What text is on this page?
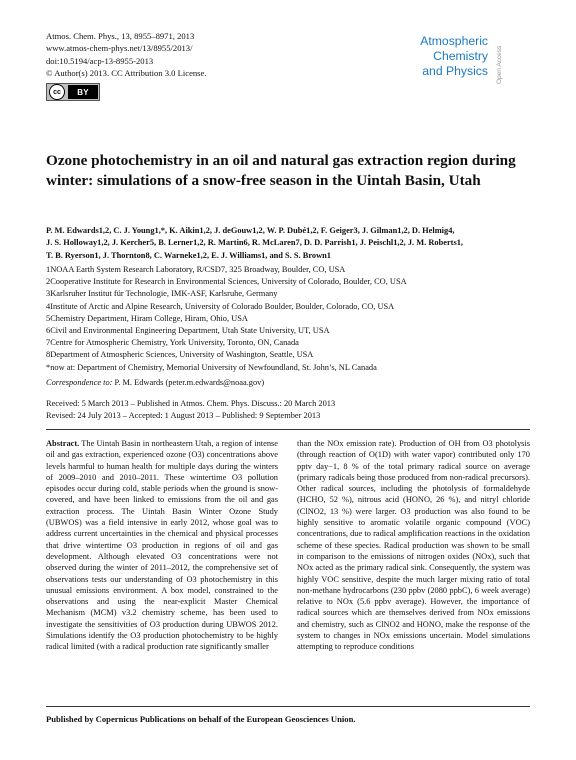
Atmos. Chem. Phys., 13, 8955–8971, 2013
www.atmos-chem-phys.net/13/8955/2013/
doi:10.5194/acp-13-8955-2013
© Author(s) 2013. CC Attribution 3.0 License.
cc	BY
Atmospheric
Chemistry
and Physics Open Access
Ozone photochemistry in an oil and natural gas extraction region during winter: simulations of a snow-free season in the Uintah Basin, Utah
P. M. Edwards1,2, C. J. Young1,*, K. Aikin1,2, J. deGouw1,2, W. P. Dubé1,2, F. Geiger3, J. Gilman1,2, D. Helmig4,
J. S. Holloway1,2, J. Kercher5, B. Lerner1,2, R. Martin6, R. McLaren7, D. D. Parrish1, J. Peischl1,2, J. M. Roberts1,
T. B. Ryerson1, J. Thornton8, C. Warneke1,2, E. J. Williams1, and S. S. Brown1
1NOAA Earth System Research Laboratory, R/CSD7, 325 Broadway, Boulder, CO, USA
2Cooperative Institute for Research in Environmental Sciences, University of Colorado, Boulder, CO, USA
3Karlsruher Institut für Technologie, IMK-ASF, Karlsruhe, Germany
4Institute of Arctic and Alpine Research, University of Colorado Boulder, Boulder, Colorado, CO, USA
5Chemistry Department, Hiram College, Hiram, Ohio, USA
6Civil and Environmental Engineering Department, Utah State University, UT, USA
7Centre for Atmospheric Chemistry, York University, Toronto, ON, Canada
8Department of Atmospheric Sciences, University of Washington, Seattle, USA
*now at: Department of Chemistry, Memorial University of Newfoundland, St. John’s, NL Canada
Correspondence to: P. M. Edwards (peter.m.edwards@noaa.gov)
Received: 5 March 2013 – Published in Atmos. Chem. Phys. Discuss.: 20 March 2013
Revised: 24 July 2013 – Accepted: 1 August 2013 – Published: 9 September 2013

Abstract. The Uintah Basin in northeastern Utah, a region of intense oil and gas extraction, experienced ozone (O3) concentrations above levels harmful to human health for multiple days during the winters of 2009–2010 and 2010–2011. These wintertime O3 pollution episodes occur during cold, stable periods when the ground is snow-covered, and have been linked to emissions from the oil and gas extraction process. The Uintah Basin Winter Ozone Study (UBWOS) was a field intensive in early 2012, whose goal was to address current uncertainties in the chemical and physical processes that drive wintertime O3 production in regions of oil and gas development. Although elevated O3 concentrations were not observed during the winter of 2011–2012, the comprehensive set of observations tests our understanding of O3 photochemistry in this unusual emissions environment. A box model, constrained to the observations and using the near-explicit Master Chemical Mechanism (MCM) v3.2 chemistry scheme, has been used to investigate the sensitivities of O3 production during UBWOS 2012. Simulations identify the O3 production photochemistry to be highly radical limited (with a radical production rate significantly smaller

than the NOx emission rate). Production of OH from O3 photolysis (through reaction of O(1D) with water vapor) contributed only 170 pptv day−1, 8 % of the total primary radical source on average (primary radicals being those produced from non-radical precursors). Other radical sources, including the photolysis of formaldehyde (HCHO, 52 %), nitrous acid (HONO, 26 %), and nitryl chloride (ClNO2, 13 %) were larger. O3 production was also found to be highly sensitive to aromatic volatile organic compound (VOC) concentrations, due to radical amplification reactions in the oxidation scheme of these species. Radical production was shown to be small in comparison to the emissions of nitrogen oxides (NOx), such that NOx acted as the primary radical sink. Consequently, the system was highly VOC sensitive, despite the much larger mixing ratio of total non-methane hydrocarbons (230 ppbv (2080 ppbC), 6 week average) relative to NOx (5.6 ppbv average). However, the importance of radical sources which are themselves derived from NOx emissions and chemistry, such as ClNO2 and HONO, make the response of the system to changes in NOx emissions uncertain. Model simulations attempting to reproduce conditions

Published by Copernicus Publications on behalf of the European Geosciences Union.
